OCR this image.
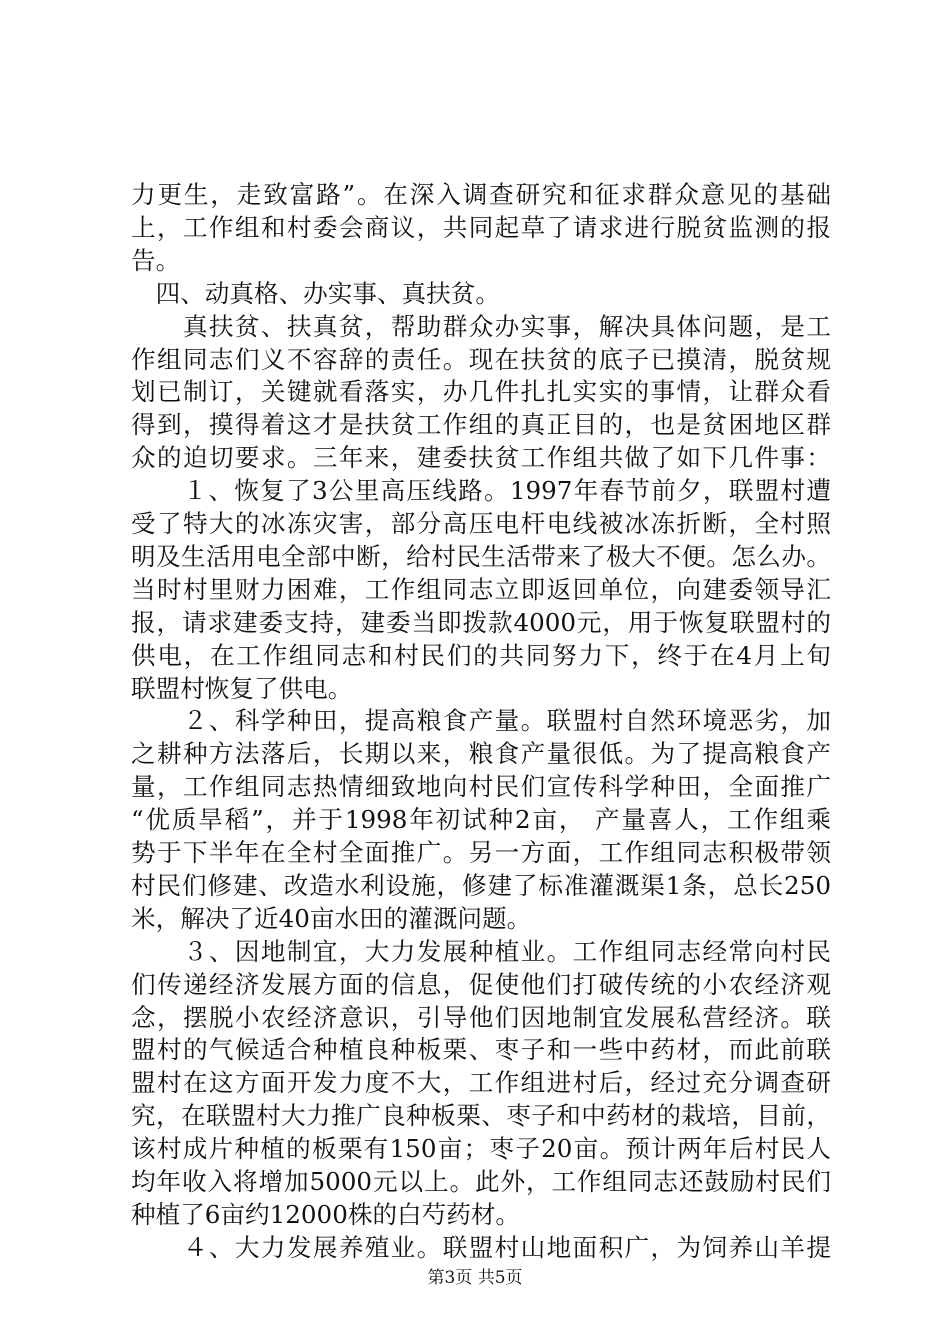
力更生，走致富路”。在深入调查研究和征求群众意见的基础
上，工作组和村委会商议，共同起草了请求进行脱贫监测的报
告。
　四、动真格、办实事、真扶贫。
　　真扶贫、扶真贫，帮助群众办实事，解决具体问题，是工
作组同志们义不容辞的责任。现在扶贫的底子已摸清，脱贫规
划已制订，关键就看落实，办几件扎扎实实的事情，让群众看
得到，摸得着这才是扶贫工作组的真正目的，也是贫困地区群
众的迫切要求。三年来，建委扶贫工作组共做了如下几件事：
　　１、恢复了3公里高压线路。1997年春节前夕，联盟村遭
受了特大的冰冻灾害，部分高压电杆电线被冰冻折断，全村照
明及生活用电全部中断，给村民生活带来了极大不便。怎么办。
当时村里财力困难，工作组同志立即返回单位，向建委领导汇
报，请求建委支持，建委当即拨款4000元，用于恢复联盟村的
供电，在工作组同志和村民们的共同努力下，终于在4月上旬
联盟村恢复了供电。
　　２、科学种田，提高粮食产量。联盟村自然环境恶劣，加
之耕种方法落后，长期以来，粮食产量很低。为了提高粮食产
量，工作组同志热情细致地向村民们宣传科学种田，全面推广
“优质旱稻”，并于1998年初试种2亩， 产量喜人，工作组乘
势于下半年在全村全面推广。另一方面，工作组同志积极带领
村民们修建、改造水利设施，修建了标准灌溉渠1条，总长250
米，解决了近40亩水田的灌溉问题。
　　３、因地制宜，大力发展种植业。工作组同志经常向村民
们传递经济发展方面的信息，促使他们打破传统的小农经济观
念，摆脱小农经济意识，引导他们因地制宜发展私营经济。联
盟村的气候适合种植良种板栗、枣子和一些中药材，而此前联
盟村在这方面开发力度不大，工作组进村后，经过充分调查研
究，在联盟村大力推广良种板栗、枣子和中药材的栽培，目前，
该村成片种植的板栗有150亩；枣子20亩。预计两年后村民人
均年收入将增加5000元以上。此外，工作组同志还鼓励村民们
种植了6亩约12000株的白芍药材。
　　４、大力发展养殖业。联盟村山地面积广，为饲养山羊提
第3页 共5页
